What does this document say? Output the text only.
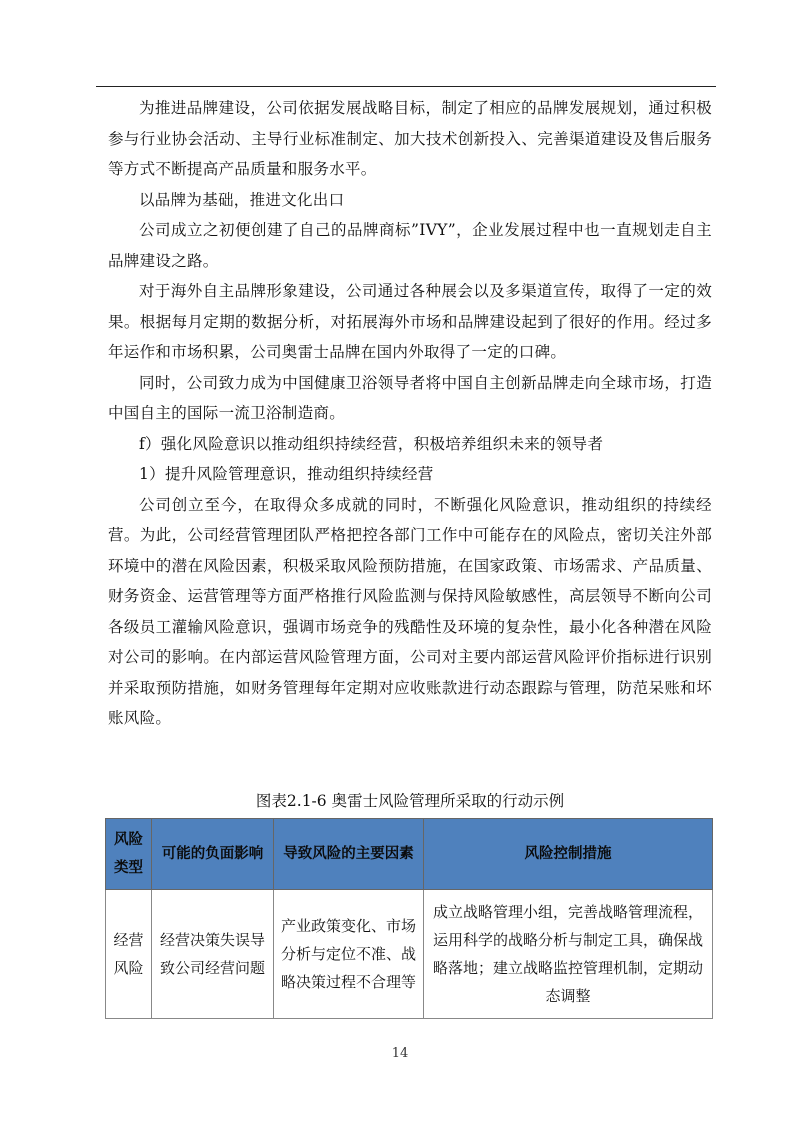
为推进品牌建设，公司依据发展战略目标，制定了相应的品牌发展规划，通过积极参与行业协会活动、主导行业标准制定、加大技术创新投入、完善渠道建设及售后服务等方式不断提高产品质量和服务水平。

以品牌为基础，推进文化出口

公司成立之初便创建了自己的品牌商标”IVY”，企业发展过程中也一直规划走自主品牌建设之路。

对于海外自主品牌形象建设，公司通过各种展会以及多渠道宣传，取得了一定的效果。根据每月定期的数据分析，对拓展海外市场和品牌建设起到了很好的作用。经过多年运作和市场积累，公司奥雷士品牌在国内外取得了一定的口碑。

同时，公司致力成为中国健康卫浴领导者将中国自主创新品牌走向全球市场，打造中国自主的国际一流卫浴制造商。

f）强化风险意识以推动组织持续经营，积极培养组织未来的领导者

1）提升风险管理意识，推动组织持续经营

公司创立至今，在取得众多成就的同时，不断强化风险意识，推动组织的持续经营。为此，公司经营管理团队严格把控各部门工作中可能存在的风险点，密切关注外部环境中的潜在风险因素，积极采取风险预防措施，在国家政策、市场需求、产品质量、财务资金、运营管理等方面严格推行风险监测与保持风险敏感性，高层领导不断向公司各级员工灌输风险意识，强调市场竞争的残酷性及环境的复杂性，最小化各种潜在风险对公司的影响。在内部运营风险管理方面，公司对主要内部运营风险评价指标进行识别并采取预防措施，如财务管理每年定期对应收账款进行动态跟踪与管理，防范呆账和坏账风险。

图表2.1-6 奥雷士风险管理所采取的行动示例

风险类型	可能的负面影响	导致风险的主要因素	风险控制措施
经营风险	经营决策失误导致公司经营问题	产业政策变化、市场分析与定位不准、战略决策过程不合理等	成立战略管理小组，完善战略管理流程，运用科学的战略分析与制定工具，确保战略落地；建立战略监控管理机制，定期动态调整
14
